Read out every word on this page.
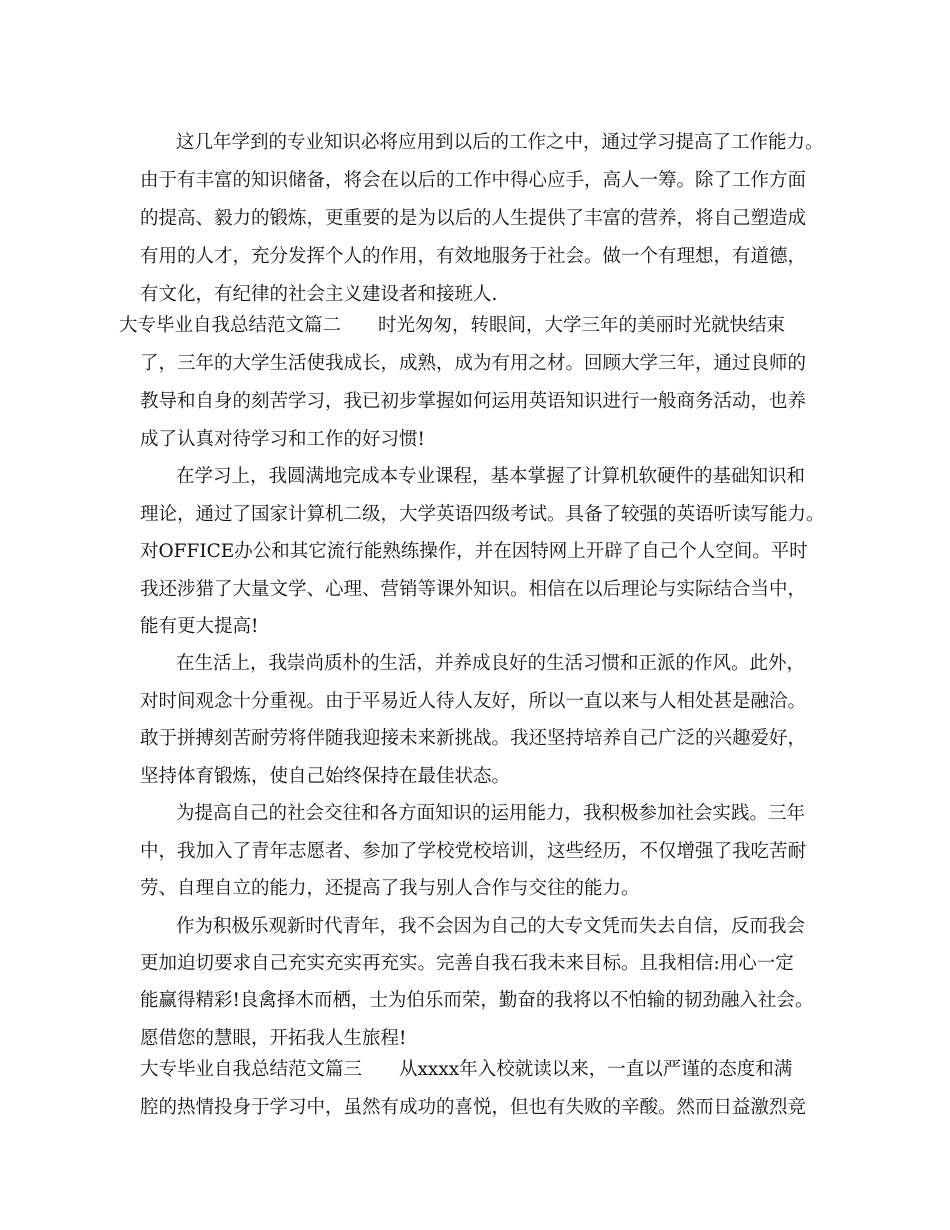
这几年学到的专业知识必将应用到以后的工作之中，通过学习提高了工作能力。
由于有丰富的知识储备，将会在以后的工作中得心应手，高人一筹。除了工作方面
的提高、毅力的锻炼，更重要的是为以后的人生提供了丰富的营养，将自己塑造成
有用的人才，充分发挥个人的作用，有效地服务于社会。做一个有理想，有道德，
有文化，有纪律的社会主义建设者和接班人.
大专毕业自我总结范文篇二　　时光匆匆，转眼间，大学三年的美丽时光就快结束
了，三年的大学生活使我成长，成熟，成为有用之材。回顾大学三年，通过良师的
教导和自身的刻苦学习，我已初步掌握如何运用英语知识进行一般商务活动，也养
成了认真对待学习和工作的好习惯!
在学习上，我圆满地完成本专业课程，基本掌握了计算机软硬件的基础知识和
理论，通过了国家计算机二级，大学英语四级考试。具备了较强的英语听读写能力。
对OFFICE办公和其它流行能熟练操作，并在因特网上开辟了自己个人空间。平时
我还涉猎了大量文学、心理、营销等课外知识。相信在以后理论与实际结合当中，
能有更大提高!
在生活上，我崇尚质朴的生活，并养成良好的生活习惯和正派的作风。此外，
对时间观念十分重视。由于平易近人待人友好，所以一直以来与人相处甚是融洽。
敢于拼搏刻苦耐劳将伴随我迎接未来新挑战。我还坚持培养自己广泛的兴趣爱好，
坚持体育锻炼，使自己始终保持在最佳状态。
为提高自己的社会交往和各方面知识的运用能力，我积极参加社会实践。三年
中，我加入了青年志愿者、参加了学校党校培训，这些经历，不仅增强了我吃苦耐
劳、自理自立的能力，还提高了我与别人合作与交往的能力。
作为积极乐观新时代青年，我不会因为自己的大专文凭而失去自信，反而我会
更加迫切要求自己充实充实再充实。完善自我石我未来目标。且我相信:用心一定
能赢得精彩!良禽择木而栖，士为伯乐而荣，勤奋的我将以不怕输的韧劲融入社会。
愿借您的慧眼，开拓我人生旅程!
大专毕业自我总结范文篇三　　从xxxx年入校就读以来，一直以严谨的态度和满
腔的热情投身于学习中，虽然有成功的喜悦，但也有失败的辛酸。然而日益激烈竞
